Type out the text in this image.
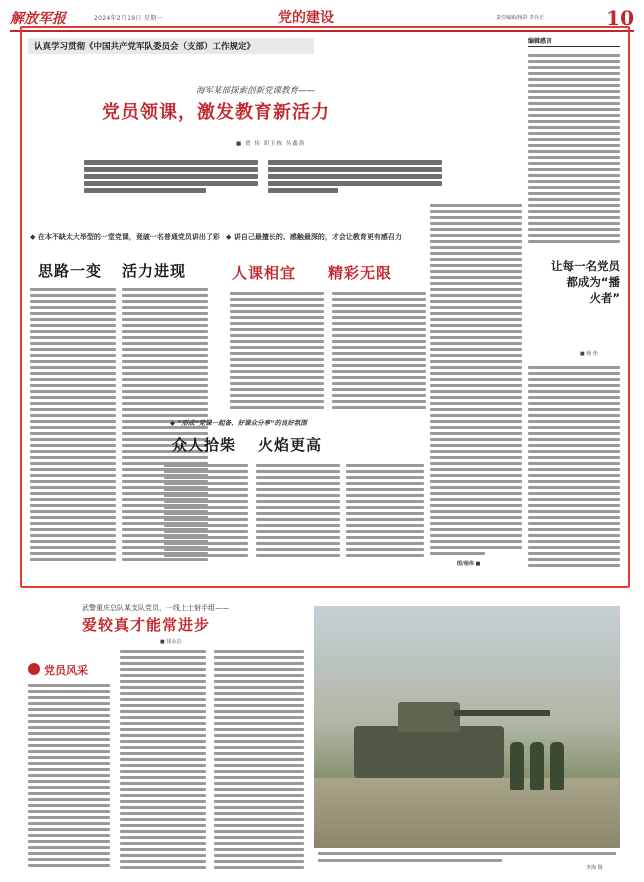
解放军报	2024年2月19日 星期一	党的建设	责任编辑/杨彩 李兵正	10
认真学习贯彻《中国共产党军队委员会（支部）工作规定》
海军某部探索创新党课教育——
党员领课，激发教育新活力
■ 贾 伟 胡玉栋 丛鑫洛
◆ 在本不缺太大举型的一堂党课，竟破一名普通党员讲出了彩
思路一变 活力进现
◆ 讲自己最擅长的、感触最深的，才会让教育更有感召力
人课相宜 精彩无限
◆ “形成“党课一起备、好课众分享”的良好氛围
众人拾柴 火焰更高
图/杨伟 ■
编辑感言
让每一名党员
都成为“播
火者”
■ 杨 伦
武警重庆总队某支队党员，一线上士射手组——
爱较真才能常进步
■ 钱永洁
党员风采
李海 摄
